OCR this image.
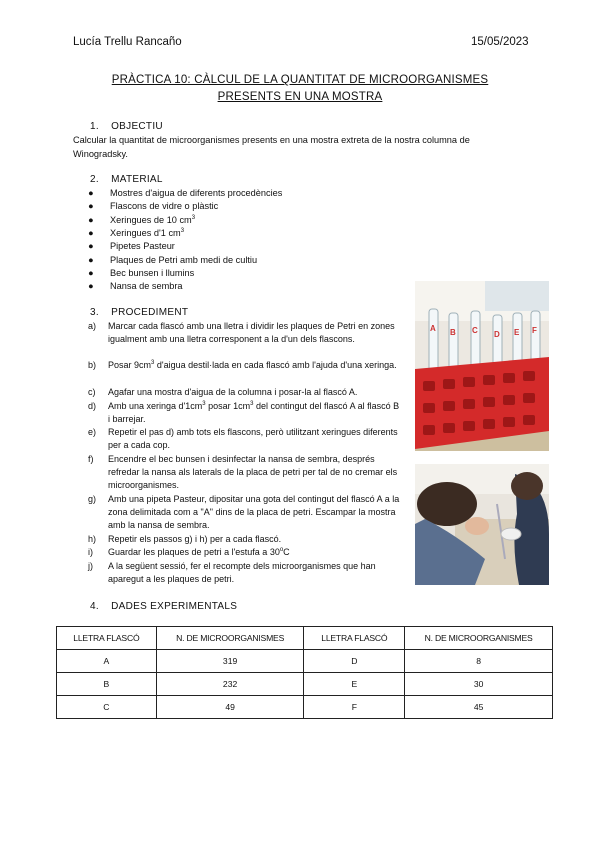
Lucía Trellu Rancaño	15/05/2023
PRÀCTICA 10: CÀLCUL DE LA QUANTITAT DE MICROORGANISMES
PRESENTS EN UNA MOSTRA
1. OBJECTIU
Calcular la quantitat de microorganismes presents en una mostra extreta de la nostra columna de
Winogradsky.
2. MATERIAL
● Mostres d'aigua de diferents procedències
● Flascons de vidre o plàstic
● Xeringues de 10 $cm^3$
● Xeringues d'1 $cm^3$
● Pipetes Pasteur
● Plaques de Petri amb medi de cultiu
● Bec bunsen i llumins
● Nansa de sembra
3. PROCEDIMENT
a) Marcar cada flascó amb una lletra i dividir les plaques de Petri en zones igualment amb una lletra corresponent a la d'un dels flascons.
b) Posar $9cm^3$ d'aigua destil·lada en cada flascó amb l'ajuda d'una xeringa.
c) Agafar una mostra d'aigua de la columna i posar-la al flascó A.
d) Amb una xeringa $d'1cm^3$ posar $1cm^3$ del contingut del flascó A al flascó B i barrejar.
e) Repetir el pas d) amb tots els flascons, però utilitzant xeringues diferents per a cada cop.
f) Encendre el bec bunsen i desinfectar la nansa de sembra, després refredar la nansa als laterals de la placa de petri per tal de no cremar els microorganismes.
g) Amb una pipeta Pasteur, dipositar una gota del contingut del flascó A a la zona delimitada com a "A" dins de la placa de petri. Escampar la mostra amb la nansa de sembra.
h) Repetir els passos g) i h) per a cada flascó.
i) Guardar les plaques de petri a l'estufa a 30$^o$C
j) A la següent sessió, fer el recompte dels microorganismes que han aparegut a les plaques de petri.
A B C D E F
4. DADES EXPERIMENTALS
LLETRA FLASCÓ	N. DE MICROORGANISMES	LLETRA FLASCÓ	N. DE MICROORGANISMES
A	319	D	8
B	232	E	30
C	49	F	45
